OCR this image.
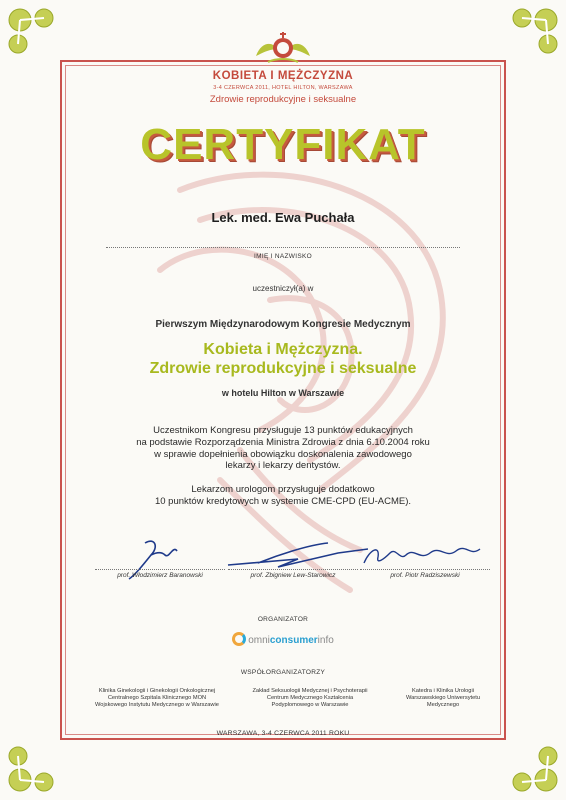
KOBIETA I MĘŻCZYZNA
3-4 CZERWCA 2011, HOTEL HILTON, WARSZAWA
Zdrowie reprodukcyjne i seksualne
CERTYFIKAT
Lek. med. Ewa Puchała
IMIĘ I NAZWISKO
uczestniczył(a) w
Pierwszym Międzynarodowym Kongresie Medycznym
Kobieta i Mężczyzna.
Zdrowie reprodukcyjne i seksualne
w hotelu Hilton w Warszawie
Uczestnikom Kongresu przysługuje 13 punktów edukacyjnych
na podstawie Rozporządzenia Ministra Zdrowia z dnia 6.10.2004 roku
w sprawie dopełnienia obowiązku doskonalenia zawodowego
lekarzy i lekarzy dentystów.
Lekarzom urologom przysługuje dodatkowo
10 punktów kredytowych w systemie CME-CPD (EU-ACME).
prof. Włodzimierz Baranowski	prof. Zbigniew Lew-Starowicz	prof. Piotr Radziszewski
ORGANIZATOR
omniconsumerinfo
WSPÓŁORGANIZATORZY
Klinika Ginekologii i Ginekologii Onkologicznej
Centralnego Szpitala Klinicznego MON
Wojskowego Instytutu Medycznego w Warszawie
Zakład Seksuologii Medycznej i Psychoterapii
Centrum Medycznego Kształcenia
Podyplomowego w Warszawie
Katedra i Klinika Urologii
Warszawskiego Uniwersytetu
Medycznego
WARSZAWA, 3-4 CZERWCA 2011 ROKU
